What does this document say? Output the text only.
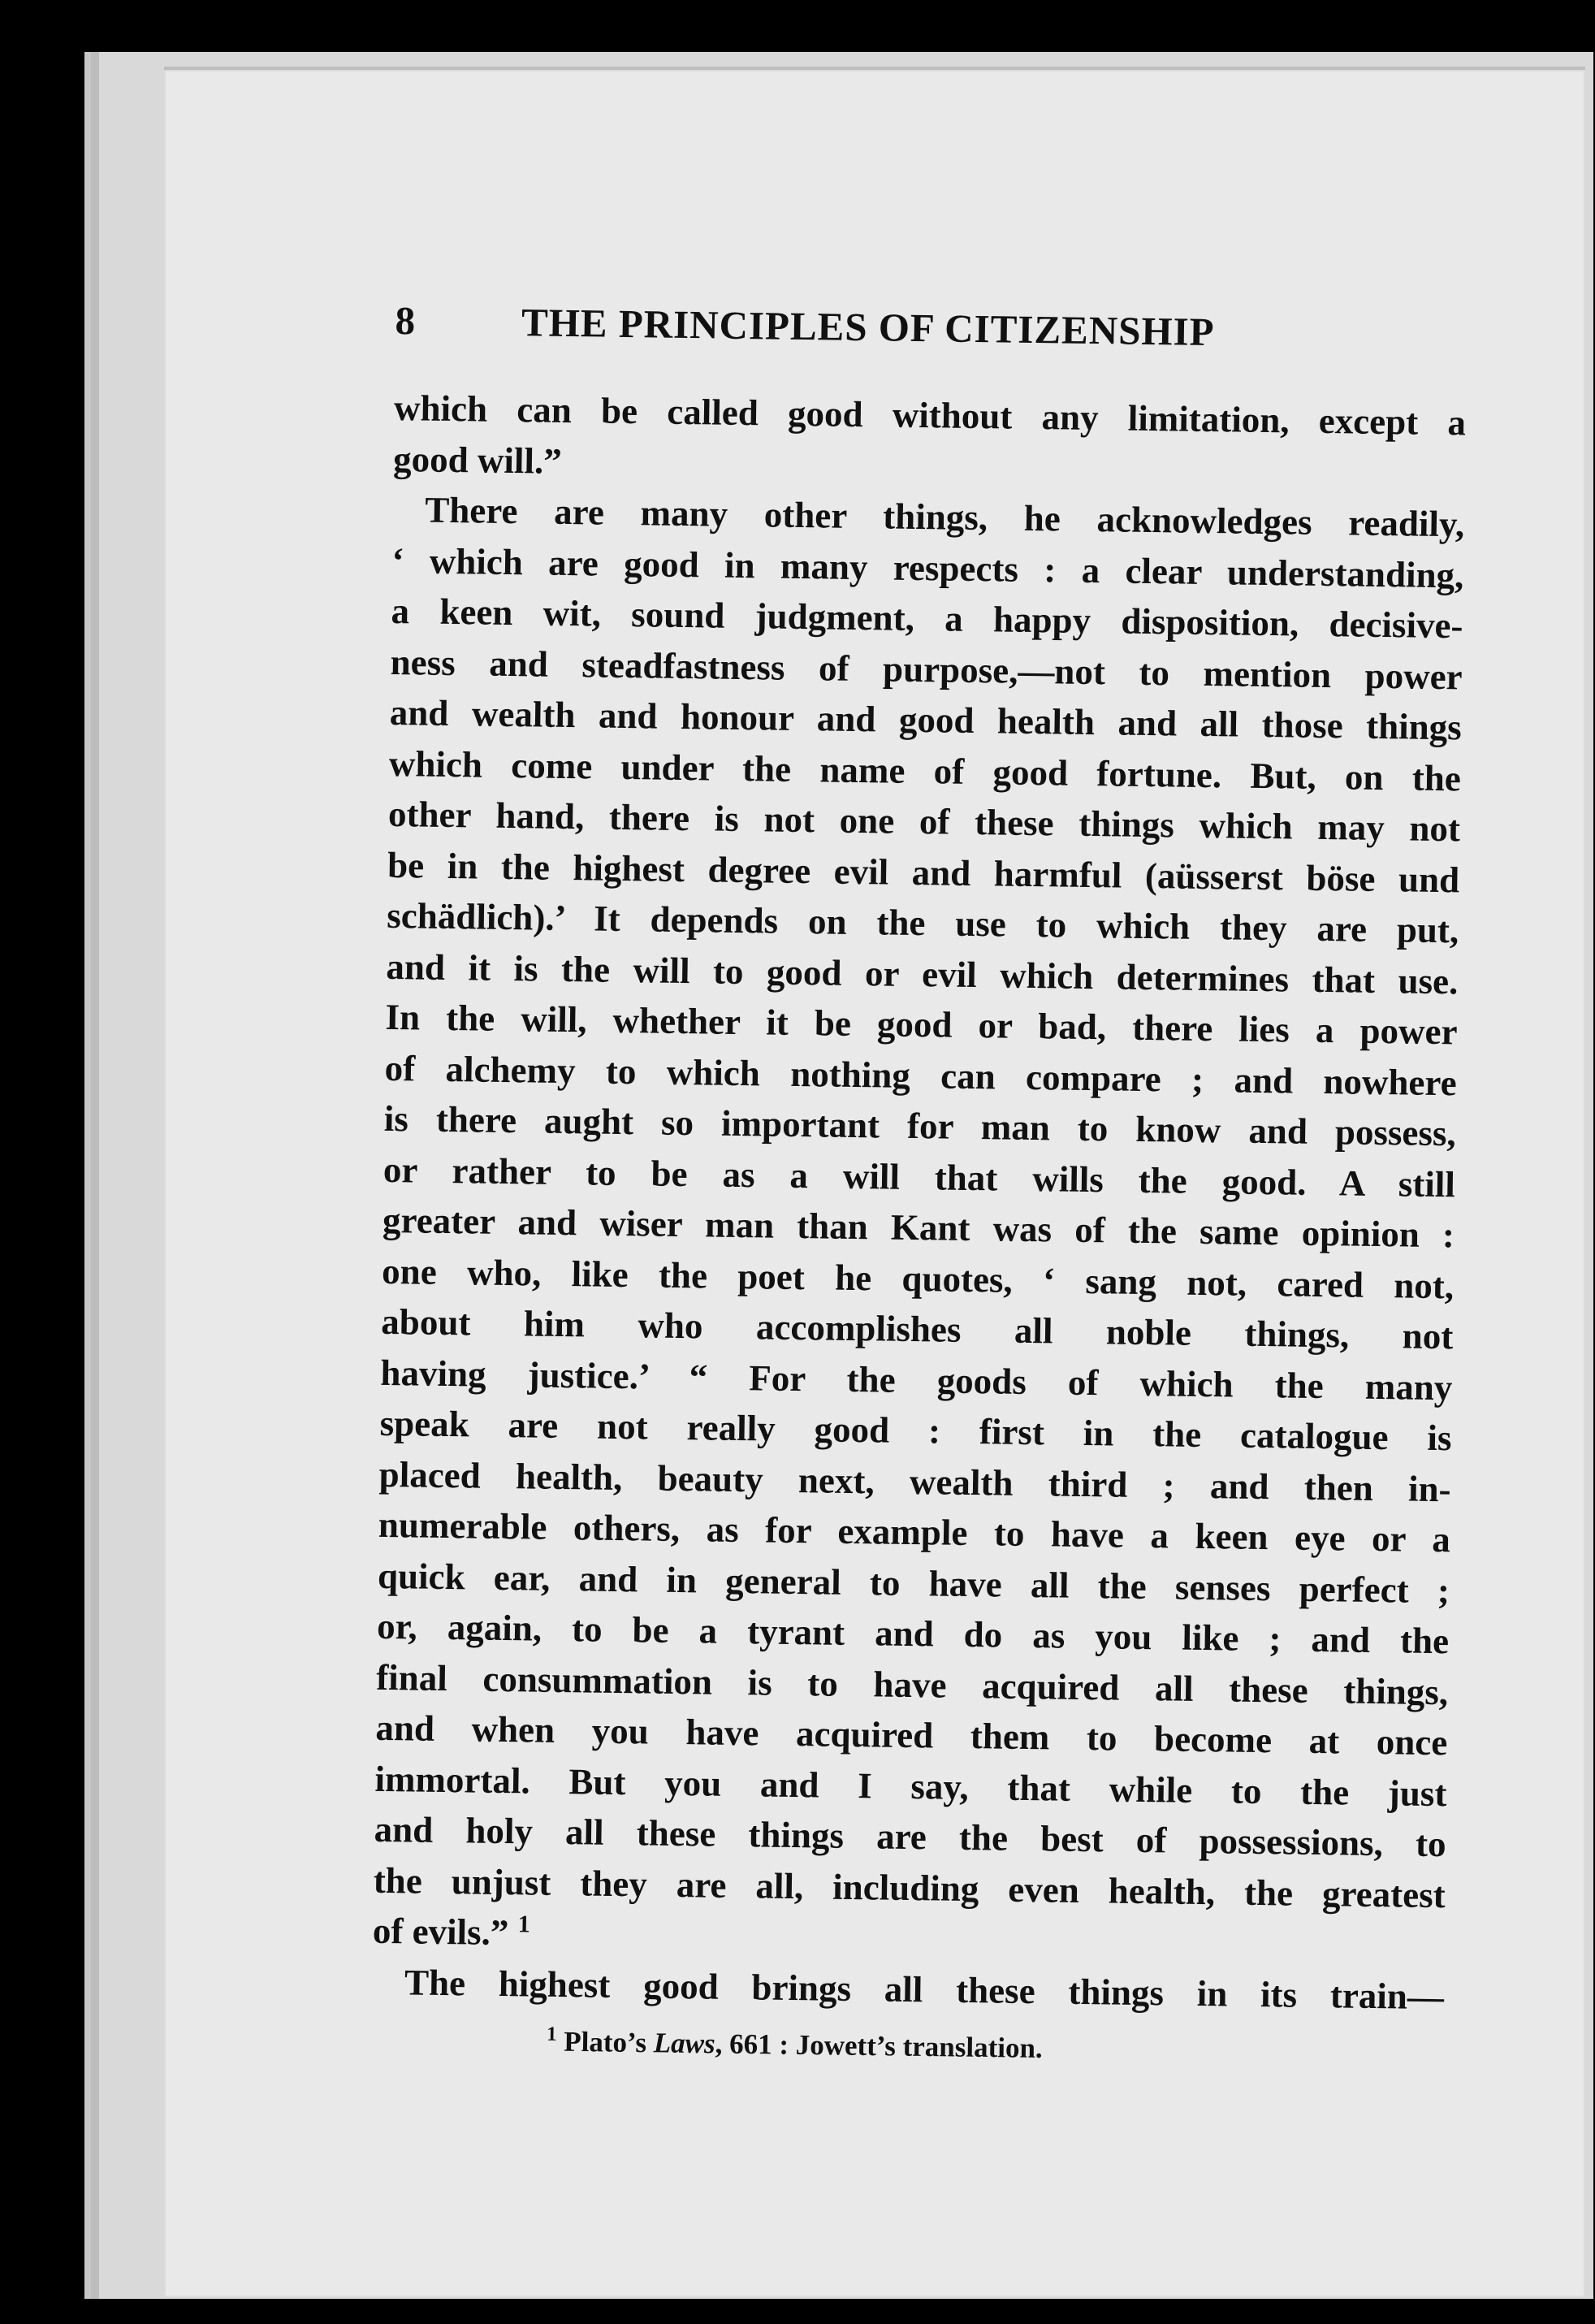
8	THE PRINCIPLES OF CITIZENSHIP
which can be called good without any limitation, except a
good will.”
There are many other things, he acknowledges readily,
‘ which are good in many respects : a clear understanding,
a keen wit, sound judgment, a happy disposition, decisive-
ness and steadfastness of purpose,—not to mention power
and wealth and honour and good health and all those things
which come under the name of good fortune. But, on the
other hand, there is not one of these things which may not
be in the highest degree evil and harmful (aüsserst böse und
schädlich).’ It depends on the use to which they are put,
and it is the will to good or evil which determines that use.
In the will, whether it be good or bad, there lies a power
of alchemy to which nothing can compare ; and nowhere
is there aught so important for man to know and possess,
or rather to be as a will that wills the good. A still
greater and wiser man than Kant was of the same opinion :
one who, like the poet he quotes, ‘ sang not, cared not,
about him who accomplishes all noble things, not
having justice.’ “ For the goods of which the many
speak are not really good : first in the catalogue is
placed health, beauty next, wealth third ; and then in-
numerable others, as for example to have a keen eye or a
quick ear, and in general to have all the senses perfect ;
or, again, to be a tyrant and do as you like ; and the
final consummation is to have acquired all these things,
and when you have acquired them to become at once
immortal. But you and I say, that while to the just
and holy all these things are the best of possessions, to
the unjust they are all, including even health, the greatest
of evils.” $^1$
The highest good brings all these things in its train—
$^1$ Plato’s Laws, 661 : Jowett’s translation.
